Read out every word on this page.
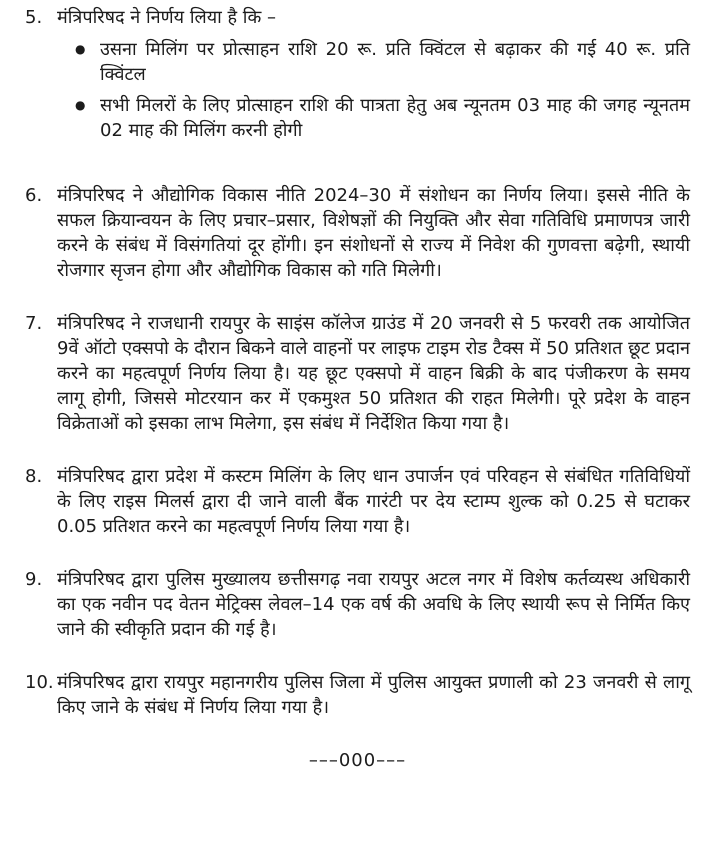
5. मंत्रिपरिषद ने निर्णय लिया है कि –
● उसना मिलिंग पर प्रोत्साहन राशि 20 रू. प्रति क्विंटल से बढ़ाकर की गई 40 रू. प्रति क्विंटल
● सभी मिलरों के लिए प्रोत्साहन राशि की पात्रता हेतु अब न्यूनतम 03 माह की जगह न्यूनतम 02 माह की मिलिंग करनी होगी
6. मंत्रिपरिषद ने औद्योगिक विकास नीति 2024–30 में संशोधन का निर्णय लिया। इससे नीति के सफल क्रियान्वयन के लिए प्रचार–प्रसार, विशेषज्ञों की नियुक्ति और सेवा गतिविधि प्रमाणपत्र जारी करने के संबंध में विसंगतियां दूर होंगी। इन संशोधनों से राज्य में निवेश की गुणवत्ता बढ़ेगी, स्थायी रोजगार सृजन होगा और औद्योगिक विकास को गति मिलेगी।
7. मंत्रिपरिषद ने राजधानी रायपुर के साइंस कॉलेज ग्राउंड में 20 जनवरी से 5 फरवरी तक आयोजित 9वें ऑटो एक्सपो के दौरान बिकने वाले वाहनों पर लाइफ टाइम रोड टैक्स में 50 प्रतिशत छूट प्रदान करने का महत्वपूर्ण निर्णय लिया है। यह छूट एक्सपो में वाहन बिक्री के बाद पंजीकरण के समय लागू होगी, जिससे मोटरयान कर में एकमुश्त 50 प्रतिशत की राहत मिलेगी। पूरे प्रदेश के वाहन विक्रेताओं को इसका लाभ मिलेगा, इस संबंध में निर्देशित किया गया है।
8. मंत्रिपरिषद द्वारा प्रदेश में कस्टम मिलिंग के लिए धान उपार्जन एवं परिवहन से संबंधित गतिविधियों के लिए राइस मिलर्स द्वारा दी जाने वाली बैंक गारंटी पर देय स्टाम्प शुल्क को 0.25 से घटाकर 0.05 प्रतिशत करने का महत्वपूर्ण निर्णय लिया गया है।
9. मंत्रिपरिषद द्वारा पुलिस मुख्यालय छत्तीसगढ़ नवा रायपुर अटल नगर में विशेष कर्तव्यस्थ अधिकारी का एक नवीन पद वेतन मेट्रिक्स लेवल–14 एक वर्ष की अवधि के लिए स्थायी रूप से निर्मित किए जाने की स्वीकृति प्रदान की गई है।
10. मंत्रिपरिषद द्वारा रायपुर महानगरीय पुलिस जिला में पुलिस आयुक्त प्रणाली को 23 जनवरी से लागू किए जाने के संबंध में निर्णय लिया गया है।
–––000–––
